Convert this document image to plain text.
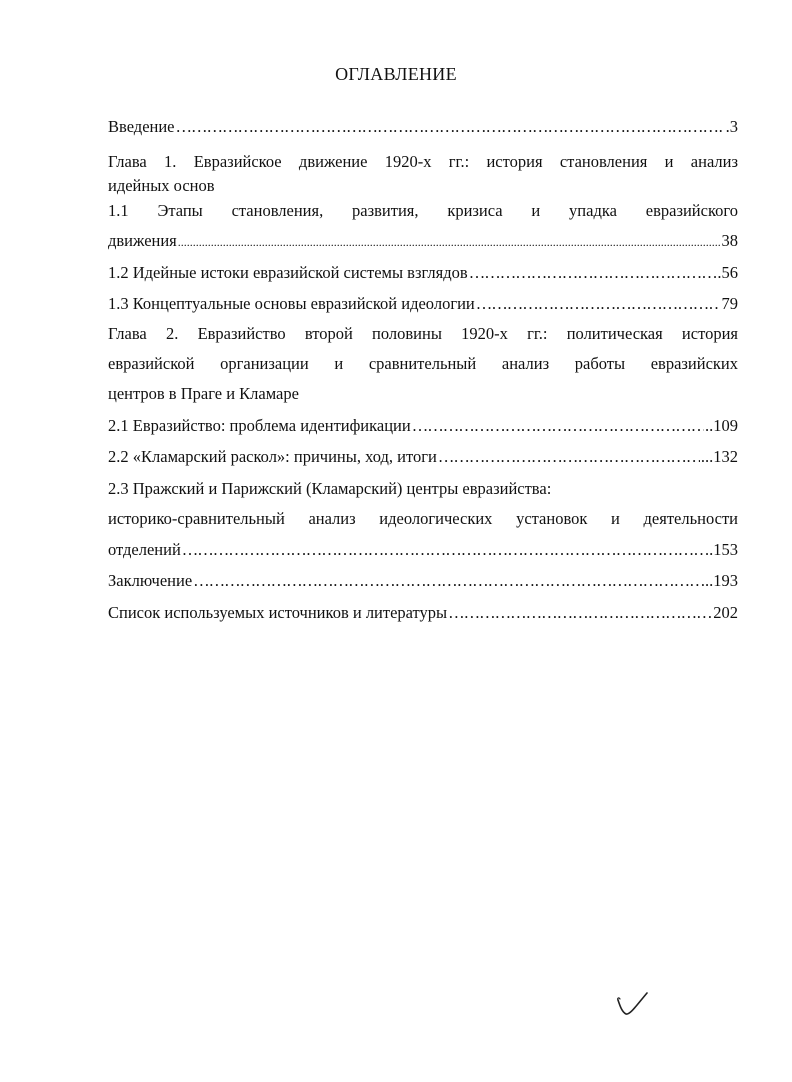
ОГЛАВЛЕНИЕ
Введение ……………………………………………………………………………………………………………………………………………………………………	.3
Глава 1. Евразийское движение 1920-х гг.: история становления и анализ
идейных основ
1.1 Этапы становления, развития, кризиса и упадка евразийского
движения .....	38
1.2 Идейные истоки евразийской системы взглядов ……………………………………………………………………………………………………………………………………………………………………	.56
1.3 Концептуальные основы евразийской идеологии ……………………………………………………………………………………………………………………………………………………………………	79
Глава 2. Евразийство второй половины 1920-х гг.: политическая история
евразийской организации и сравнительный анализ работы евразийских
центров в Праге и Кламаре
2.1 Евразийство: проблема идентификации ……………………………………………………………………………………………………………………………………………………………………	..109
2.2 «Кламарский раскол»: причины, ход, итоги ……………………………………………………………………………………………………………………………………………………………………	...132
2.3 Пражский и Парижский (Кламарский) центры евразийства:
историко-сравнительный анализ идеологических установок и деятельности
отделений ……………………………………………………………………………………………………………………………………………………………………	.153
Заключение ……………………………………………………………………………………………………………………………………………………………………	..193
Список используемых источников и литературы ……………………………………………………………………………………………………………………………………………………………………	202
